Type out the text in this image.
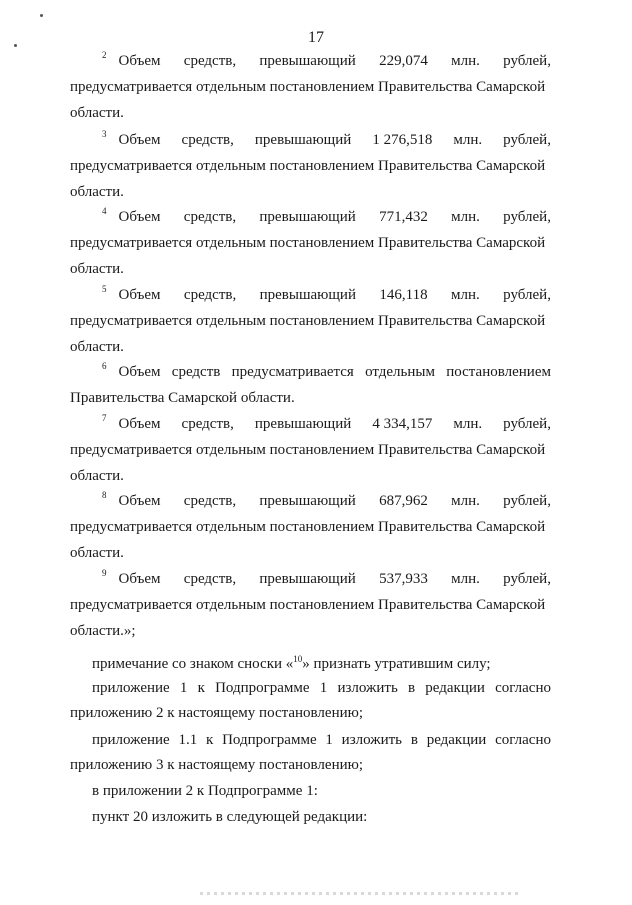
17
$^2$ Объем средств, превышающий 229,074 млн. рублей,
предусматривается отдельным постановлением Правительства Самарской
области.
$^3$ Объем средств, превышающий 1 276,518 млн. рублей,
предусматривается отдельным постановлением Правительства Самарской
области.
$^4$ Объем средств, превышающий 771,432 млн. рублей,
предусматривается отдельным постановлением Правительства Самарской
области.
$^5$ Объем средств, превышающий 146,118 млн. рублей,
предусматривается отдельным постановлением Правительства Самарской
области.
$^6$ Объем средств предусматривается отдельным постановлением
Правительства Самарской области.
$^7$ Объем средств, превышающий 4 334,157 млн. рублей,
предусматривается отдельным постановлением Правительства Самарской
области.
$^8$ Объем средств, превышающий 687,962 млн. рублей,
предусматривается отдельным постановлением Правительства Самарской
области.
$^9$ Объем средств, превышающий 537,933 млн. рублей,
предусматривается отдельным постановлением Правительства Самарской
области.»;
примечание со знаком сноски «$^{10}$» признать утратившим силу;
приложение 1 к Подпрограмме 1 изложить в редакции согласно
приложению 2 к настоящему постановлению;
приложение 1.1 к Подпрограмме 1 изложить в редакции согласно
приложению 3 к настоящему постановлению;
в приложении 2 к Подпрограмме 1:
пункт 20 изложить в следующей редакции:
